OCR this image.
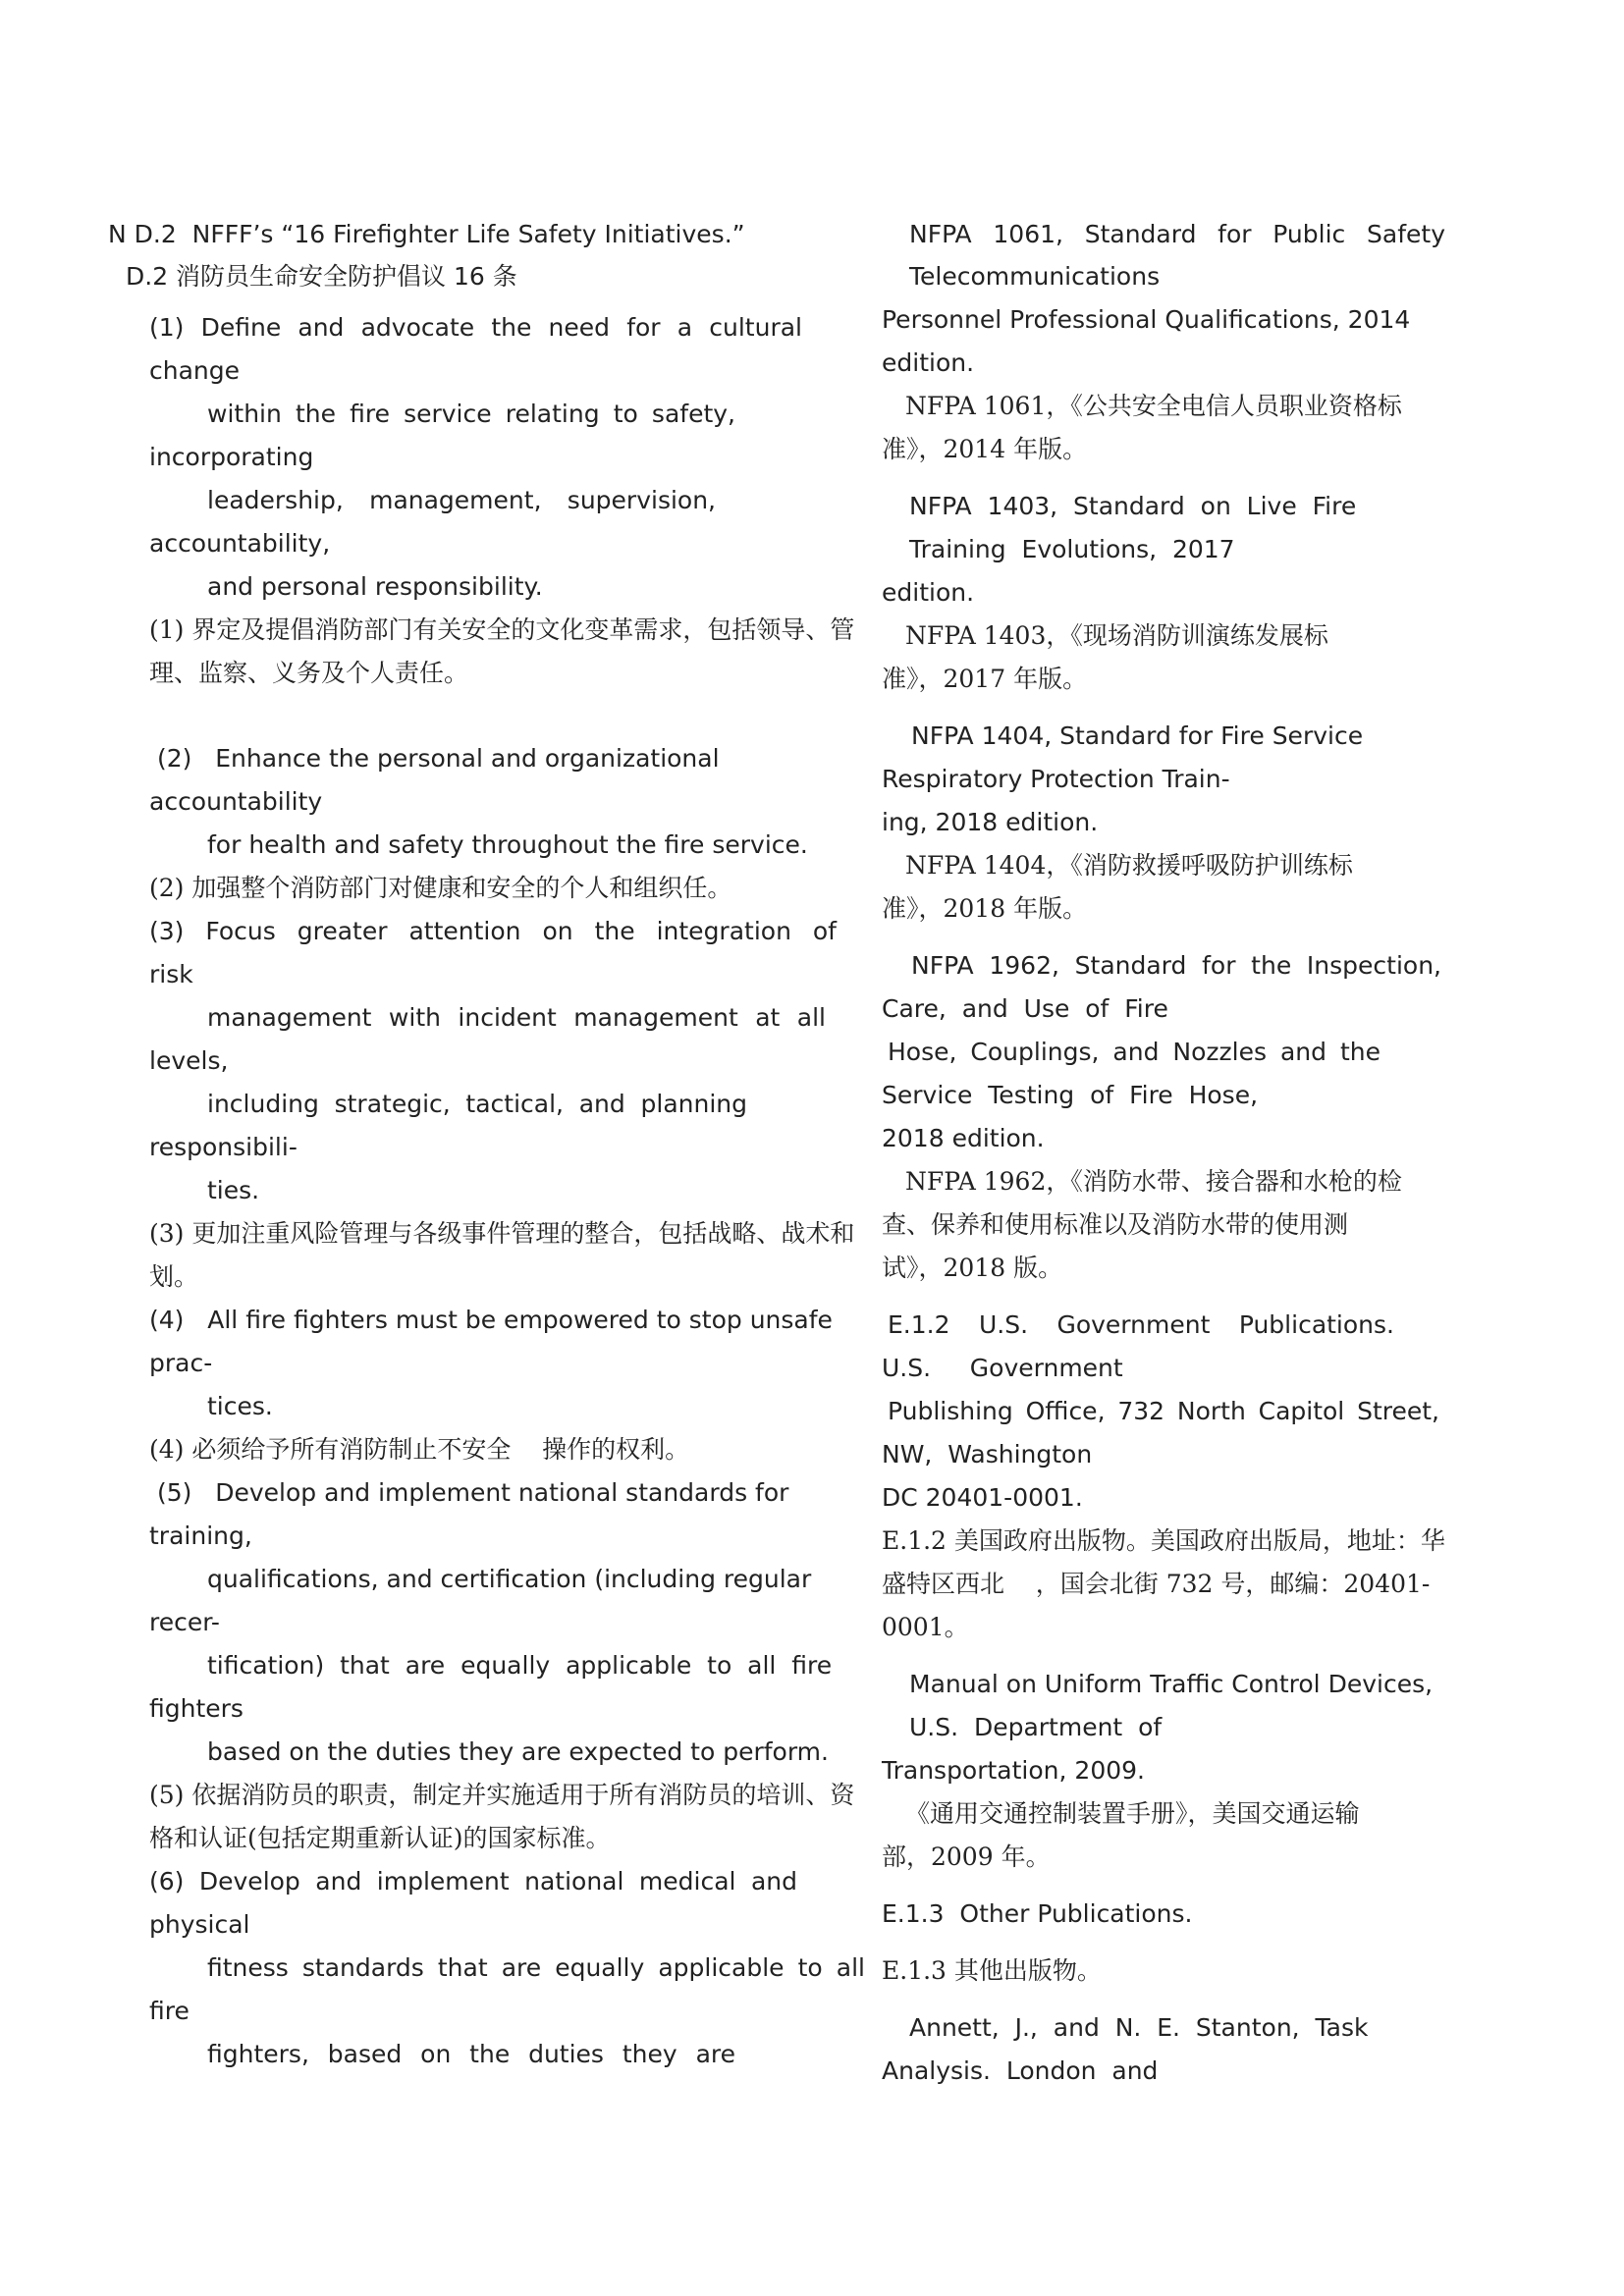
N D.2  NFFF’s “16 Firefighter Life Safety Initiatives.”
D.2 消防员生命安全防护倡议 16 条
(1) Define and advocate the need for a cultural
change
within the fire service relating to safety,
incorporating
leadership, management, supervision,
accountability,
and personal responsibility.
(1) 界定及提倡消防部门有关安全的文化变革需求，包括领导、管
理、监察、义务及个人责任。
(2)   Enhance the personal and organizational
accountability
for health and safety throughout the fire service.
(2) 加强整个消防部门对健康和安全的个人和组织任。
(3) Focus greater attention on the integration of
risk
management with incident management at all
levels,
including strategic, tactical, and planning
responsibili-
ties.
(3) 更加注重风险管理与各级事件管理的整合，包括战略、战术和
划。
(4)   All fire fighters must be empowered to stop unsafe
prac-
tices.
(4) 必须给予所有消防制止不安全    操作的权利。
(5)   Develop and implement national standards for
training,
qualifications, and certification (including regular
recer-
tification)  that  are  equally  applicable  to  all  fire
fighters
based on the duties they are expected to perform.
(5) 依据消防员的职责，制定并实施适用于所有消防员的培训、资
格和认证(包括定期重新认证)的国家标准。
(6) Develop and implement national medical and
physical
fitness standards that are equally applicable to all
fire
fighters, based on the duties they are
NFPA 1061, Standard for Public Safety
Telecommunications
Personnel Professional Qualifications, 2014
edition.
NFPA 1061，《公共安全电信人员职业资格标
准》，2014 年版。
NFPA  1403,  Standard  on  Live  Fire
Training  Evolutions,  2017
edition.
NFPA 1403，《现场消防训演练发展标
准》，2017 年版。
NFPA 1404, Standard for Fire Service
Respiratory Protection Train-
ing, 2018 edition.
NFPA 1404，《消防救援呼吸防护训练标
准》，2018 年版。
NFPA 1962, Standard for the Inspection,
Care,  and  Use  of  Fire
Hose, Couplings, and Nozzles and the
Service  Testing  of  Fire  Hose,
2018 edition.
NFPA 1962，《消防水带、接合器和水枪的检
查、保养和使用标准以及消防水带的使用测
试》，2018 版。
E.1.2 U.S. Government Publications.
U.S.     Government
Publishing Office, 732 North Capitol Street,
NW,  Washington
DC 20401-0001.
E.1.2 美国政府出版物。美国政府出版局，地址：华
盛特区西北    ，国会北街 732 号，邮编：20401-
0001。
Manual on Uniform Traffic Control Devices,
U.S.  Department  of
Transportation, 2009.
《通用交通控制装置手册》，美国交通运输
部，2009 年。
E.1.3  Other Publications.
E.1.3 其他出版物。
Annett,  J.,  and  N.  E.  Stanton,  Task
Analysis.  London  and
